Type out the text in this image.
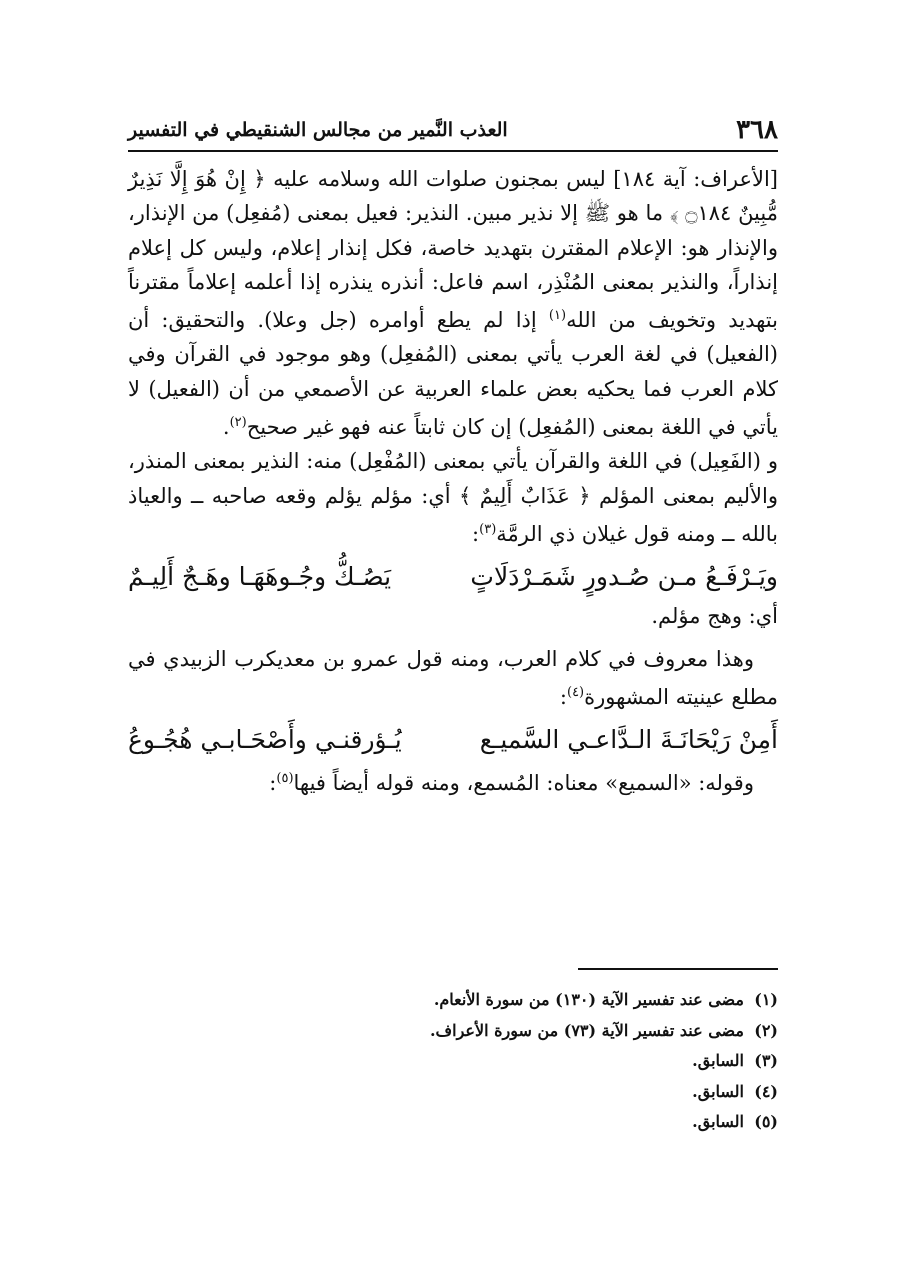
٣٦٨
العذب النَّمير من مجالس الشنقيطي في التفسير

[الأعراف: آية ١٨٤] ليس بمجنون صلوات الله وسلامه عليه ﴿ إِنْ هُوَ إِلَّا نَذِيرٌ مُّبِينٌ ۝١٨٤ ﴾ ما هو ﷺ إلا نذير مبين. النذير: فعيل بمعنى (مُفعِل) من الإنذار، والإنذار هو: الإعلام المقترن بتهديد خاصة، فكل إنذار إعلام، وليس كل إعلام إنذاراً، والنذير بمعنى المُنْذِر، اسم فاعل: أنذره ينذره إذا أعلمه إعلاماً مقترناً بتهديد وتخويف من الله$^{(١)}$ إذا لم يطع أوامره (جل وعلا). والتحقيق: أن (الفعيل) في لغة العرب يأتي بمعنى (المُفعِل) وهو موجود في القرآن وفي كلام العرب فما يحكيه بعض علماء العربية عن الأصمعي من أن (الفعيل) لا يأتي في اللغة بمعنى (المُفعِل) إن كان ثابتاً عنه فهو غير صحيح$^{(٢)}$.

و (الفَعِيل) في اللغة والقرآن يأتي بمعنى (المُفْعِل) منه: النذير بمعنى المنذر، والأليم بمعنى المؤلم ﴿ عَذَابٌ أَلِيمٌ ﴾ أي: مؤلم يؤلم وقعه صاحبه ــ والعياذ بالله ــ ومنه قول غيلان ذي الرمَّة$^{(٣)}$:

ويَـرْفَـعُ مـن صُـدورٍ شَمَـرْدَلَاتٍ
يَصُـكُّ وجُـوهَهَـا وهَـجٌ أَلِيـمٌ

أي: وهج مؤلم.

وهذا معروف في كلام العرب، ومنه قول عمرو بن معديكرب الزبيدي في مطلع عينيته المشهورة$^{(٤)}$:

أَمِنْ رَيْحَانَـةَ الـدَّاعـي السَّميـع
يُـؤرقنـي وأَصْحَـابـي هُجُـوعُ

وقوله: «السميع» معناه: المُسمع، ومنه قوله أيضاً فيها$^{(٥)}$:

(١)
مضى عند تفسير الآية (١٣٠) من سورة الأنعام.
(٢)
مضى عند تفسير الآية (٧٣) من سورة الأعراف.
(٣)
السابق.
(٤)
السابق.
(٥)
السابق.
